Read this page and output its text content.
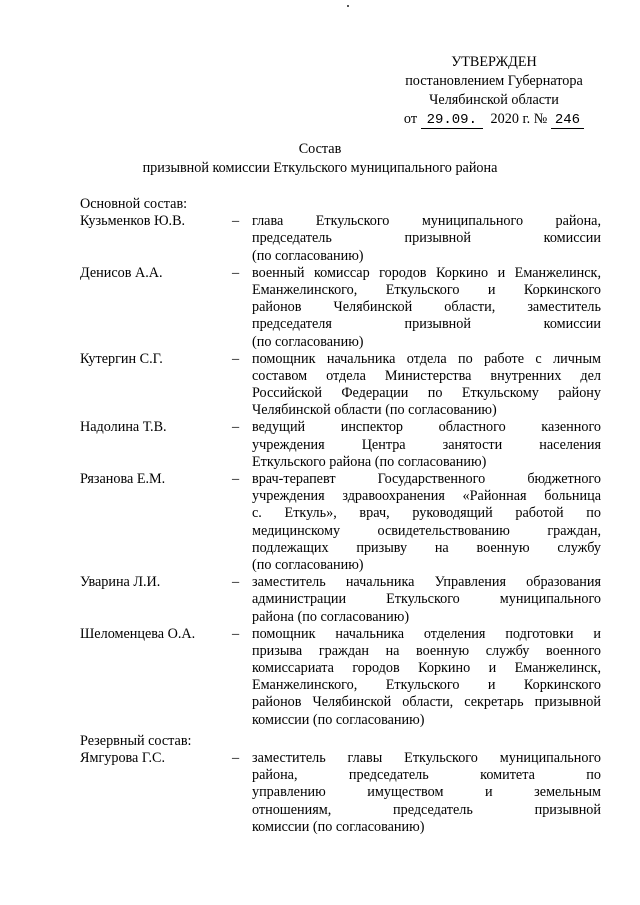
УТВЕРЖДЕН
постановлением Губернатора
Челябинской области
от 29.09. 2020 г. № 246
Состав
призывной комиссии Еткульского муниципального района
Основной состав:
Кузьменков Ю.В.	– глава Еткульского муниципального района,
председатель призывной комиссии
(по согласованию)
Денисов А.А.	– военный комиссар городов Коркино и Еманжелинск,
Еманжелинского, Еткульского и Коркинского
районов Челябинской области, заместитель
председателя призывной комиссии
(по согласованию)
Кутергин С.Г.	– помощник начальника отдела по работе с личным
составом отдела Министерства внутренних дел
Российской Федерации по Еткульскому району
Челябинской области (по согласованию)
Надолина Т.В.	– ведущий инспектор областного казенного
учреждения Центра занятости населения
Еткульского района (по согласованию)
Рязанова Е.М.	– врач-терапевт Государственного бюджетного
учреждения здравоохранения «Районная больница
с. Еткуль», врач, руководящий работой по
медицинскому освидетельствованию граждан,
подлежащих призыву на военную службу
(по согласованию)
Уварина Л.И.	– заместитель начальника Управления образования
администрации Еткульского муниципального
района (по согласованию)
Шеломенцева О.А.	– помощник начальника отделения подготовки и
призыва граждан на военную службу военного
комиссариата городов Коркино и Еманжелинск,
Еманжелинского, Еткульского и Коркинского
районов Челябинской области, секретарь призывной
комиссии (по согласованию)
Резервный состав:
Ямгурова Г.С.	– заместитель главы Еткульского муниципального
района, председатель комитета по
управлению имуществом и земельным
отношениям, председатель призывной
комиссии (по согласованию)
